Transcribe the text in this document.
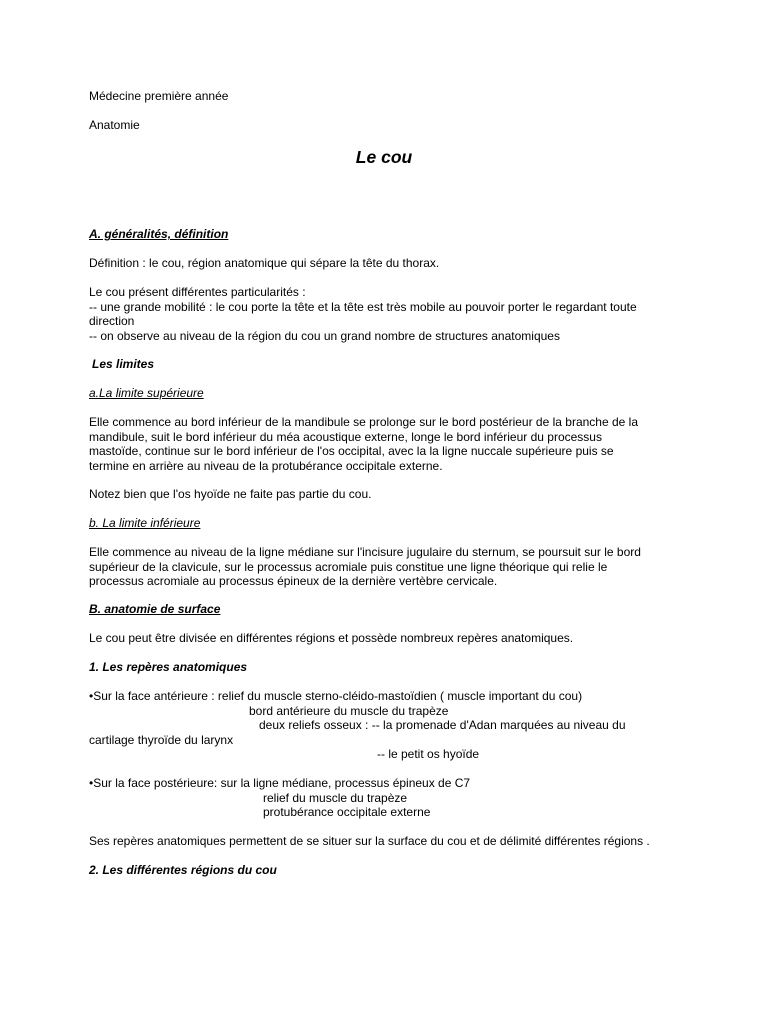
Médecine première année

Anatomie

Le cou

A. généralités, définition

Définition : le cou, région anatomique qui sépare la tête du thorax.

Le cou présent différentes particularités :

-- une grande mobilité : le cou porte la tête et la tête est très mobile au pouvoir porter le regardant toute

direction

-- on observe au niveau de la région du cou un grand nombre de structures anatomiques

Les limites

a.La limite supérieure

Elle commence au bord inférieur de la mandibule se prolonge sur le bord postérieur de la branche de la

mandibule, suit le bord inférieur du méa acoustique externe, longe le bord inférieur du processus

mastoïde, continue sur le bord inférieur de l'os occipital, avec la la ligne nuccale supérieure puis se

termine en arrière au niveau de la protubérance occipitale externe.

Notez bien que l'os hyoïde ne faite pas partie du cou.

b. La limite inférieure

Elle commence au niveau de la ligne médiane sur l'incisure jugulaire du sternum, se poursuit sur le bord

supérieur de la clavicule, sur le processus acromiale puis constitue une ligne théorique qui relie le

processus acromiale au processus épineux de la dernière vertèbre cervicale.

B. anatomie de surface

Le cou peut être divisée en différentes régions et possède nombreux repères anatomiques.

1. Les repères anatomiques

•Sur la face antérieure : relief du muscle sterno-cléido-mastoïdien ( muscle important du cou)

bord antérieure du muscle du trapèze

deux reliefs osseux : -- la promenade d'Adan marquées au niveau du

cartilage thyroïde du larynx

-- le petit os hyoïde

•Sur la face postérieure: sur la ligne médiane, processus épineux de C7

relief du muscle du trapèze

protubérance occipitale externe

Ses repères anatomiques permettent de se situer sur la surface du cou et de délimité différentes régions .

2. Les différentes régions du cou
